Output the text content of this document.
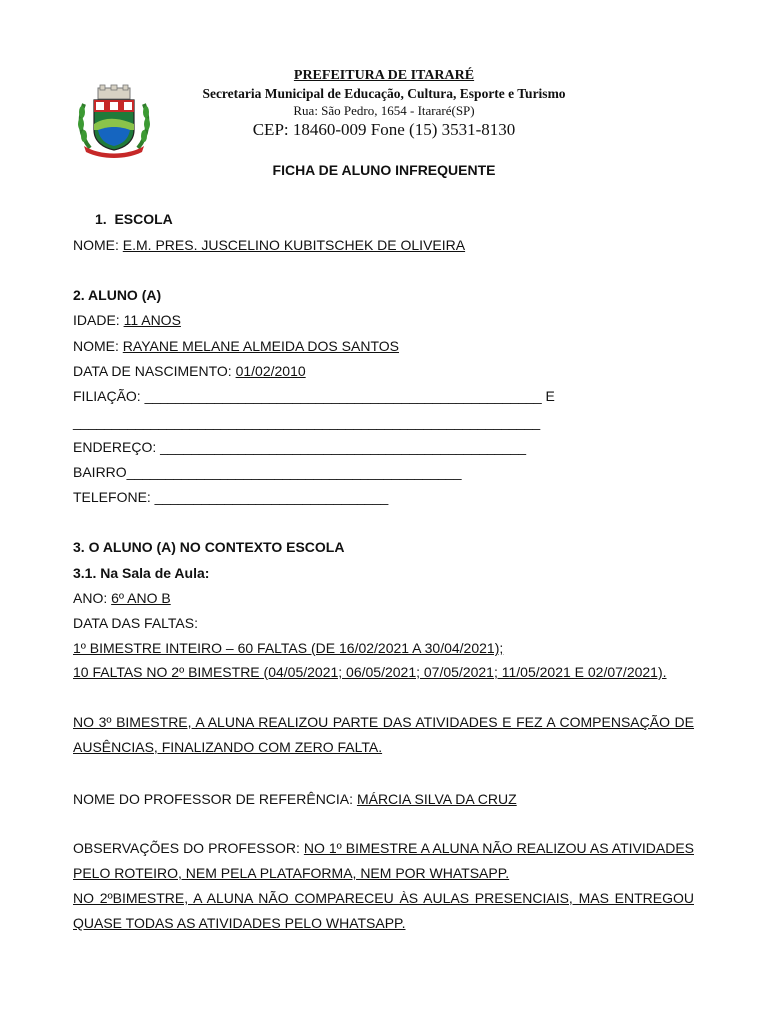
PREFEITURA DE ITARARÉ
Secretaria Municipal de Educação, Cultura, Esporte e Turismo
Rua: São Pedro, 1654 - Itararé(SP)
CEP: 18460-009 Fone (15) 3531-8130
FICHA DE ALUNO INFREQUENTE
1.  ESCOLA
NOME: E.M. PRES. JUSCELINO KUBITSCHEK DE OLIVEIRA
2. ALUNO (A)
IDADE: 11 ANOS
NOME: RAYANE MELANE ALMEIDA DOS SANTOS
DATA DE NASCIMENTO: 01/02/2010
FILIAÇÃO: ___________________________________________________ E
____________________________________________________________
ENDEREÇO: _______________________________________________
BAIRRO___________________________________________
TELEFONE: ______________________________
3. O ALUNO (A) NO CONTEXTO ESCOLA
3.1. Na Sala de Aula:
ANO: 6º ANO B
DATA DAS FALTAS:
1º BIMESTRE INTEIRO – 60 FALTAS (DE 16/02/2021 A 30/04/2021);
10 FALTAS NO 2º BIMESTRE (04/05/2021; 06/05/2021; 07/05/2021; 11/05/2021 E 02/07/2021).
NO 3º BIMESTRE, A ALUNA REALIZOU PARTE DAS ATIVIDADES E FEZ A COMPENSAÇÃO DE AUSÊNCIAS, FINALIZANDO COM ZERO FALTA.
NOME DO PROFESSOR DE REFERÊNCIA: MÁRCIA SILVA DA CRUZ
OBSERVAÇÕES DO PROFESSOR: NO 1º BIMESTRE A ALUNA NÃO REALIZOU AS ATIVIDADES PELO ROTEIRO, NEM PELA PLATAFORMA, NEM POR WHATSAPP.
NO 2ºBIMESTRE, A ALUNA NÃO COMPARECEU ÀS AULAS PRESENCIAIS, MAS ENTREGOU QUASE TODAS AS ATIVIDADES PELO WHATSAPP.
